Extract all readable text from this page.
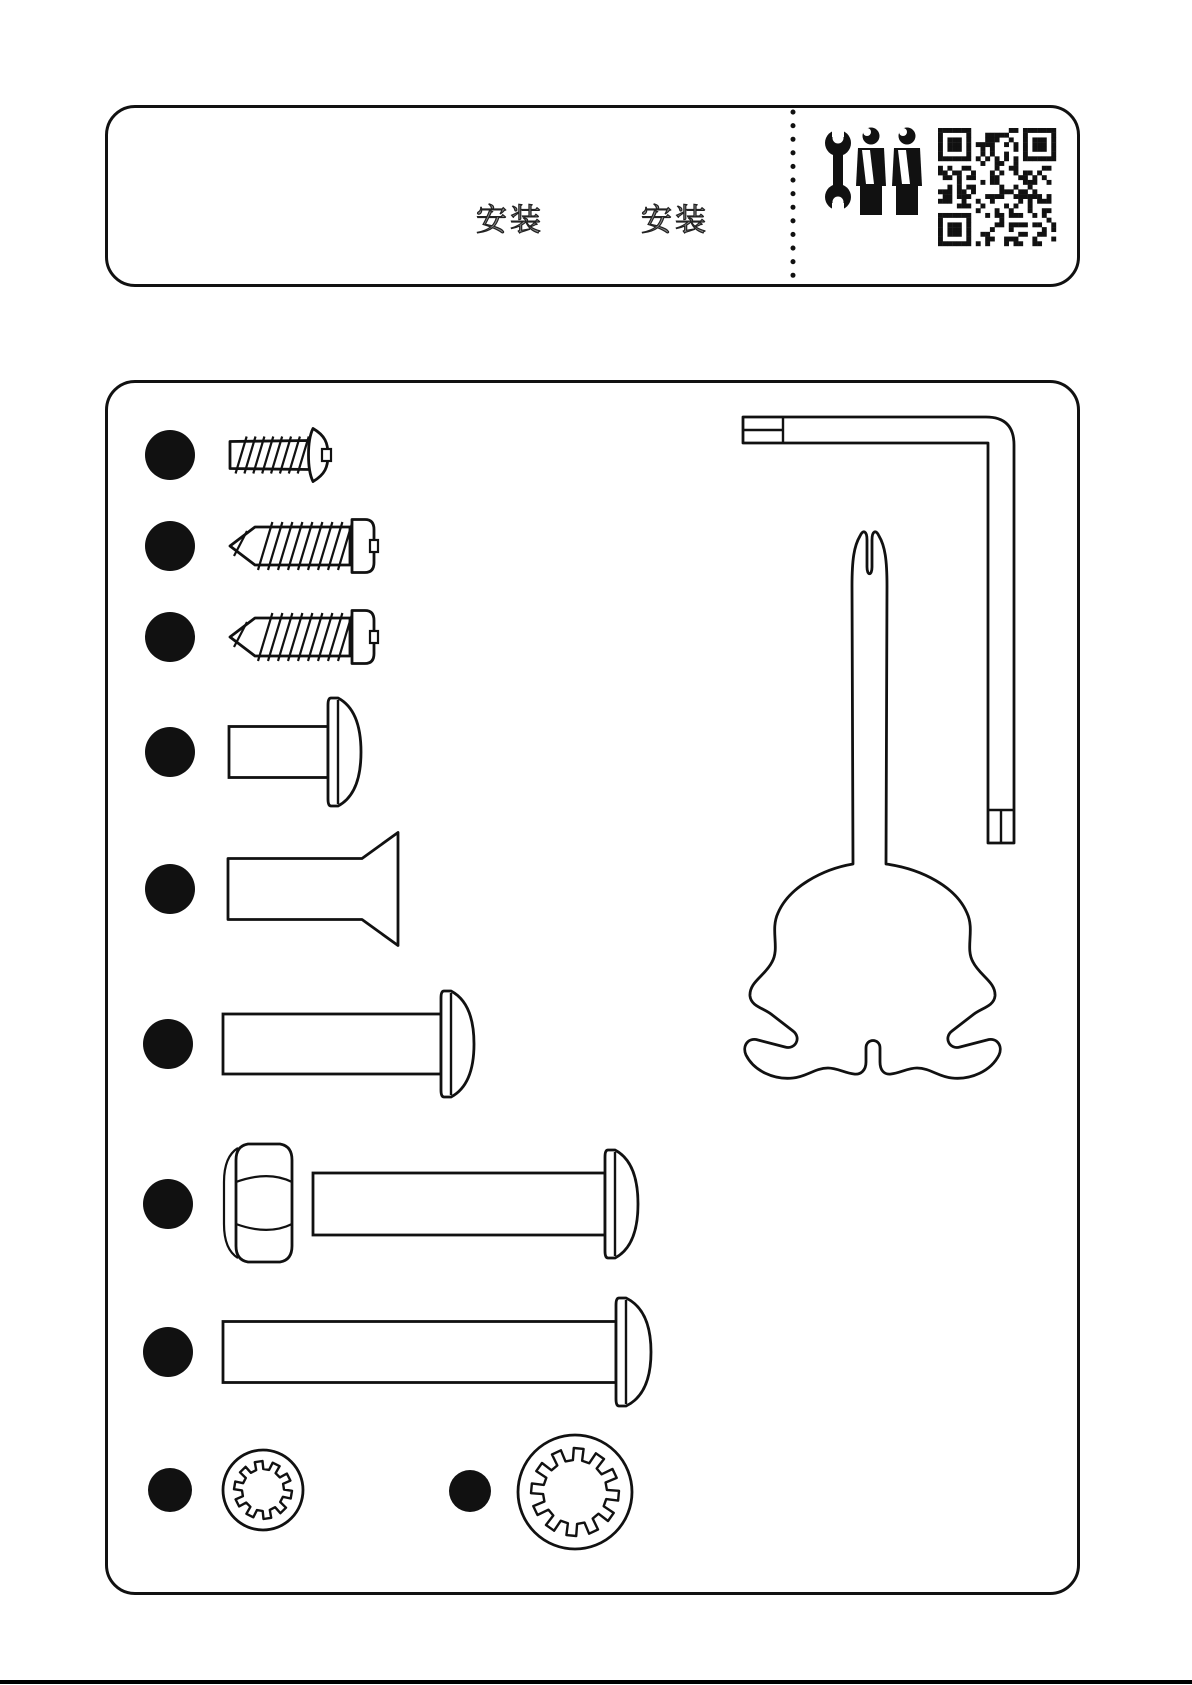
安装	安装
